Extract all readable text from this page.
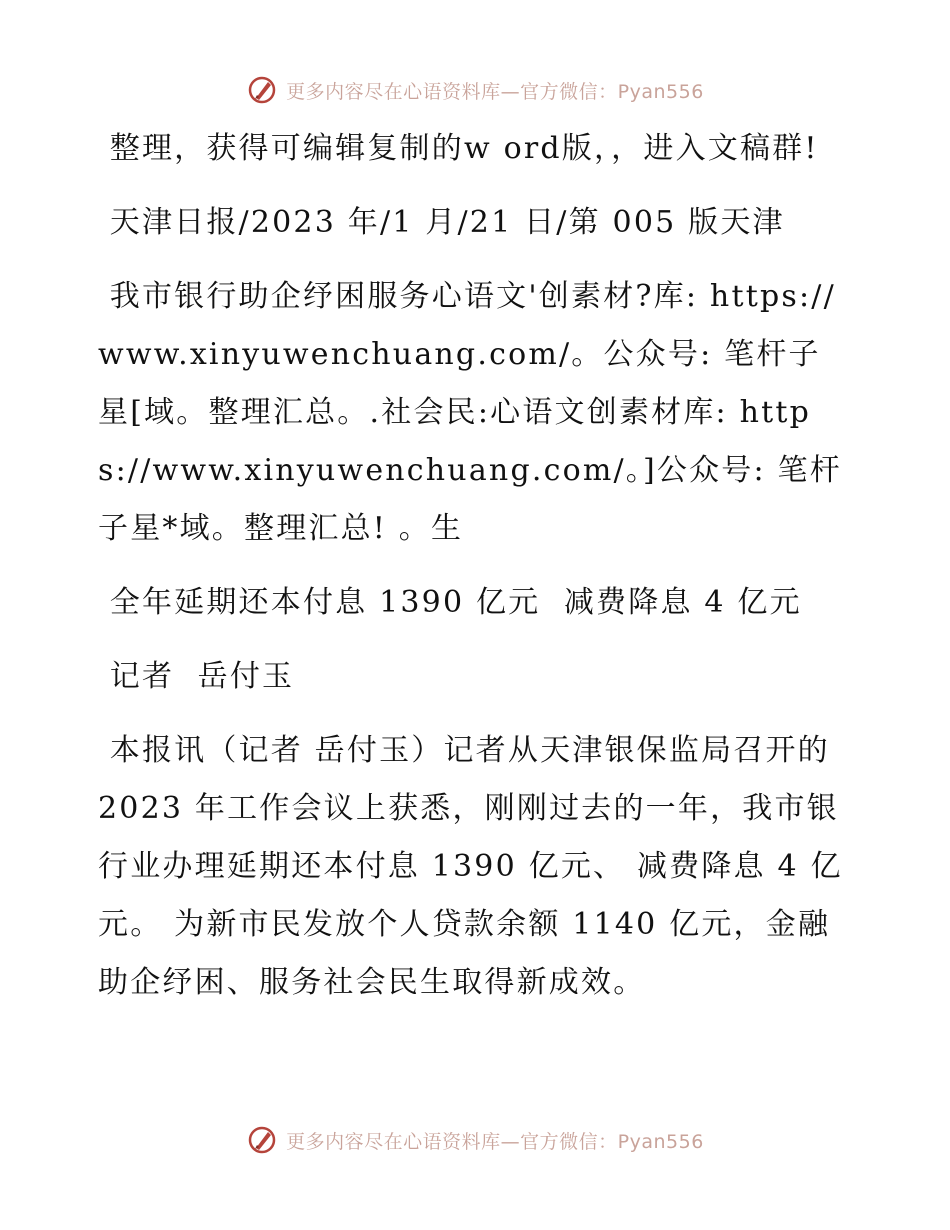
更多内容尽在心语资料库—官方微信：Pyan556

整理，获得可编辑复制的w ord版，，进入文稿群!

天津日报/2023 年/1 月/21 日/第 005 版天津

我市银行助企纾困服务心语文'创素材?库: https://www.xinyuwenchuang.com/。公众号: 笔杆子星[域。整理汇总。.社会民:心语文创素材库: https://www.xinyuwenchuang.com/。]公众号: 笔杆子星*域。整理汇总! 。生

全年延期还本付息 1390 亿元  减费降息 4 亿元

记者  岳付玉

本报讯（记者 岳付玉）记者从天津银保监局召开的 2023 年工作会议上获悉，刚刚过去的一年，我市银行业办理延期还本付息 1390 亿元、 减费降息 4 亿元。 为新市民发放个人贷款余额 1140 亿元，金融助企纾困、服务社会民生取得新成效。

更多内容尽在心语资料库—官方微信：Pyan556
